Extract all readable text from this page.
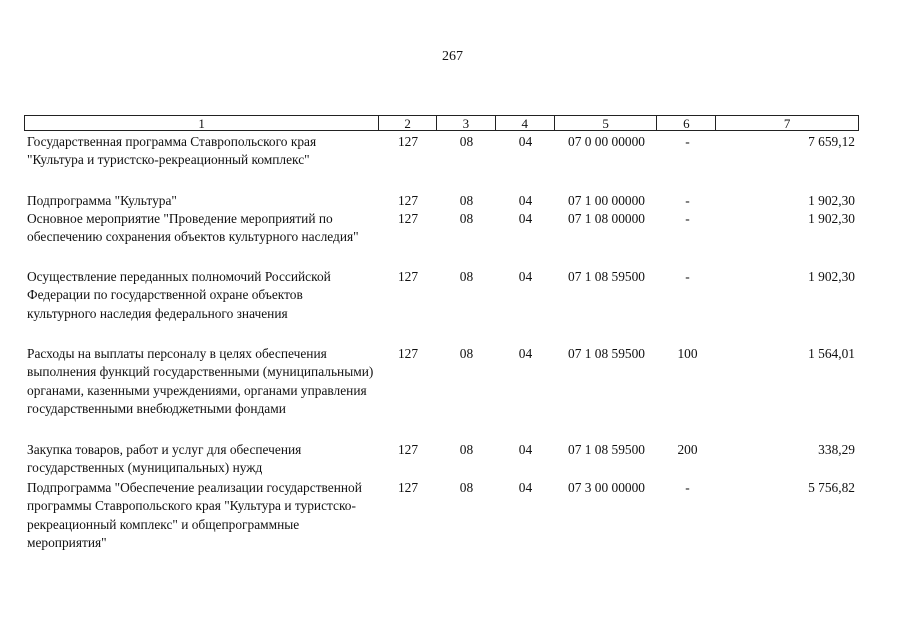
267
1	2	3	4	5	6	7
Государственная программа Ставропольского края "Культура и туристско-рекреационный комплекс"
127	08	04	07 0 00 00000	-	7 659,12
Подпрограмма "Культура"	127	08	04	07 1 00 00000	-	1 902,30
Основное мероприятие "Проведение мероприятий по обеспечению сохранения объектов культурного наследия"
127	08	04	07 1 08 00000	-	1 902,30
Осуществление переданных полномочий Российской Федерации по государственной охране объектов культурного наследия федерального значения
127	08	04	07 1 08 59500	-	1 902,30
Расходы на выплаты персоналу в целях обеспечения выполнения функций государственными (муниципальными) органами, казенными учреждениями, органами управления государственными внебюджетными фондами
127	08	04	07 1 08 59500	100	1 564,01
Закупка товаров, работ и услуг для обеспечения государственных (муниципальных) нужд
127	08	04	07 1 08 59500	200	338,29
Подпрограмма "Обеспечение реализации государственной программы Ставропольского края "Культура и туристско-рекреационный комплекс" и общепрограммные мероприятия"
127	08	04	07 3 00 00000	-	5 756,82
